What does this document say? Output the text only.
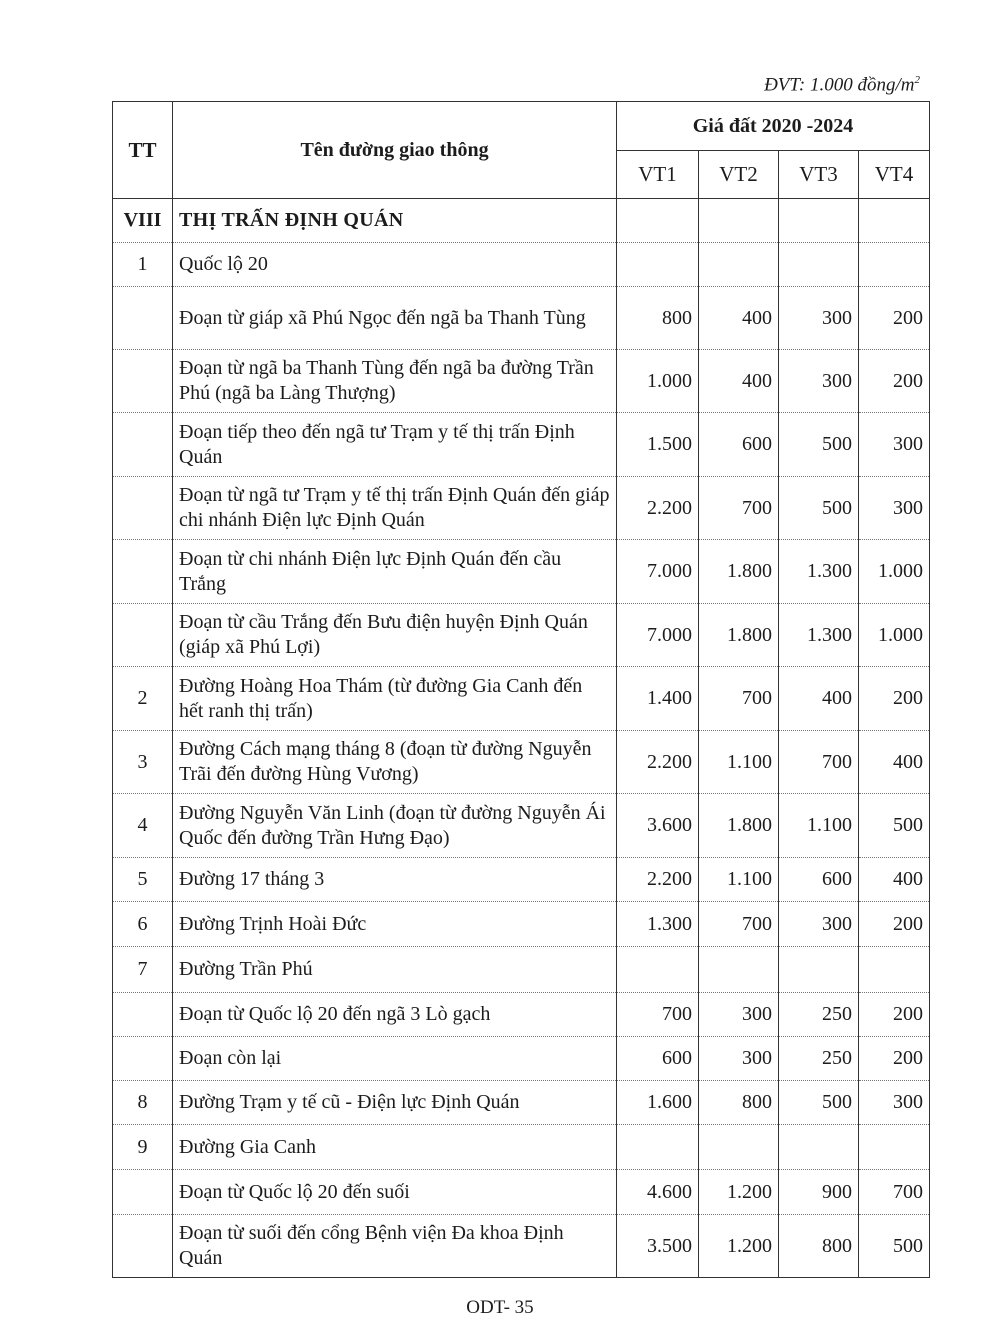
ĐVT: 1.000 đồng/$m^2$
TT	Tên đường giao thông	Giá đất 2020 -2024			
		VT1	VT2	VT3	VT4
VIII	THỊ TRẤN ĐỊNH QUÁN				
1	Quốc lộ 20				
	Đoạn từ giáp xã Phú Ngọc đến ngã ba Thanh Tùng	800	400	300	200
	Đoạn từ ngã ba Thanh Tùng đến ngã ba đường Trần Phú (ngã ba Làng Thượng)	1.000	400	300	200
	Đoạn tiếp theo đến ngã tư Trạm y tế thị trấn Định Quán	1.500	600	500	300
	Đoạn từ ngã tư Trạm y tế thị trấn Định Quán đến giáp chi nhánh Điện lực Định Quán	2.200	700	500	300
	Đoạn từ chi nhánh Điện lực Định Quán đến cầu Trắng	7.000	1.800	1.300	1.000
	Đoạn từ cầu Trắng đến Bưu điện huyện Định Quán (giáp xã Phú Lợi)	7.000	1.800	1.300	1.000
2	Đường Hoàng Hoa Thám (từ đường Gia Canh đến hết ranh thị trấn)	1.400	700	400	200
3	Đường Cách mạng tháng 8 (đoạn từ đường Nguyễn Trãi đến đường Hùng Vương)	2.200	1.100	700	400
4	Đường Nguyễn Văn Linh (đoạn từ đường Nguyễn Ái Quốc đến đường Trần Hưng Đạo)	3.600	1.800	1.100	500
5	Đường 17 tháng 3	2.200	1.100	600	400
6	Đường Trịnh Hoài Đức	1.300	700	300	200
7	Đường Trần Phú				
	Đoạn từ Quốc lộ 20 đến ngã 3 Lò gạch	700	300	250	200
	Đoạn còn lại	600	300	250	200
8	Đường Trạm y tế cũ - Điện lực Định Quán	1.600	800	500	300
9	Đường Gia Canh				
	Đoạn từ Quốc lộ 20 đến suối	4.600	1.200	900	700
	Đoạn từ suối đến cổng Bệnh viện Đa khoa Định Quán	3.500	1.200	800	500
ODT- 35
